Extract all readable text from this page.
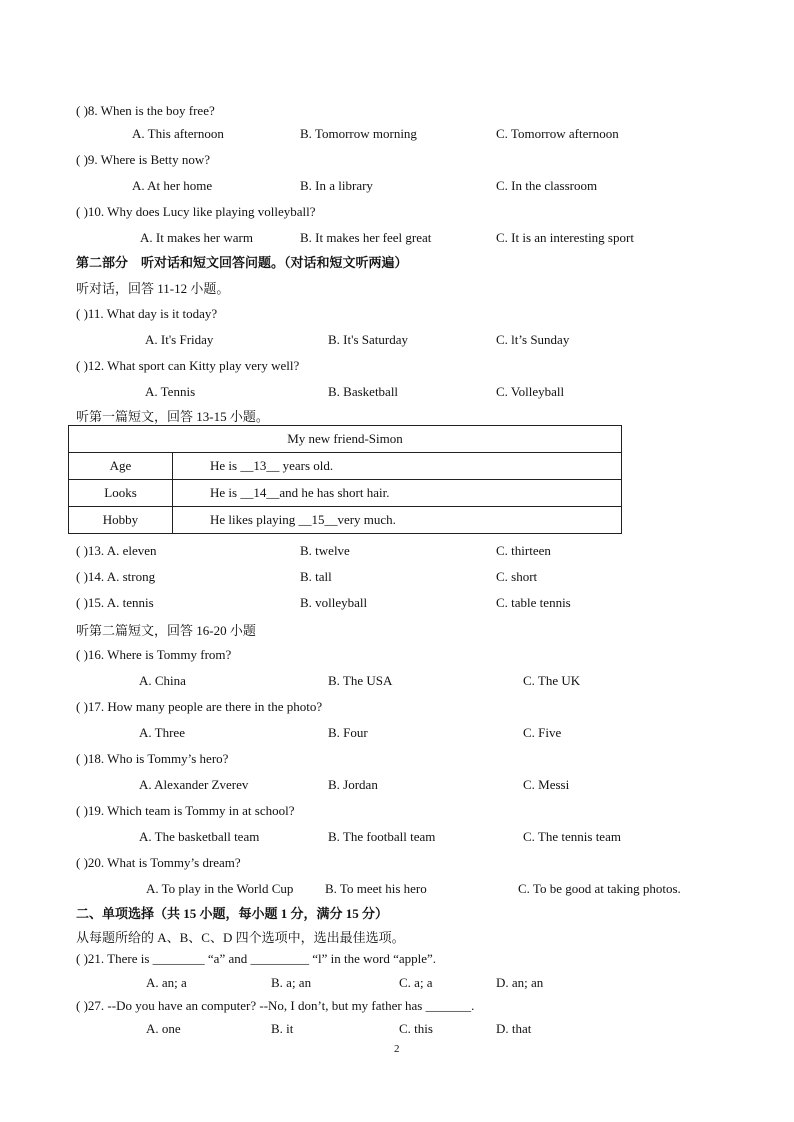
( )8. When is the boy free?
A. This afternoon	B. Tomorrow morning	C. Tomorrow afternoon
( )9. Where is Betty now?
A. At her home	B. In a library	C. In the classroom
( )10. Why does Lucy like playing volleyball?
A. It makes her warm	B. It makes her feel great	C. It is an interesting sport
第二部分　听对话和短文回答问题。（对话和短文听两遍）
听对话，回答 11-12 小题。
( )11. What day is it today?
A. It's Friday	B. It's Saturday	C. lt’s Sunday
( )12. What sport can Kitty play very well?
A. Tennis	B. Basketball	C. Volleyball
听第一篇短文，回答 13-15 小题。
My new friend-Simon	
Age	He is __13__ years old.
Looks	He is __14__and he has short hair.
Hobby	He likes playing __15__very much.
( )13. A. eleven	B. twelve	C. thirteen
( )14. A. strong	B. tall	C. short
( )15. A. tennis	B. volleyball	C. table tennis
听第二篇短文，回答 16-20 小题
( )16. Where is Tommy from?
A. China	B. The USA	C. The UK
( )17. How many people are there in the photo?
A. Three	B. Four	C. Five
( )18. Who is Tommy’s hero?
A. Alexander Zverev	B. Jordan	C. Messi
( )19. Which team is Tommy in at school?
A. The basketball team	B. The football team	C. The tennis team
( )20. What is Tommy’s dream?
A. To play in the World Cup B. To meet his hero	C. To be good at taking photos.
二、单项选择（共 15 小题，每小题 1 分，满分 15 分）
从每题所给的 A、B、C、D 四个选项中，选出最佳选项。
( )21. There is ________ “a” and _________ “l” in the word “apple”.
A. an; a	B. a; an	C. a; a	D. an; an
( )27. --Do you have an computer? --No, I don’t, but my father has _______.
A. one	B. it	C. this	D. that
2
